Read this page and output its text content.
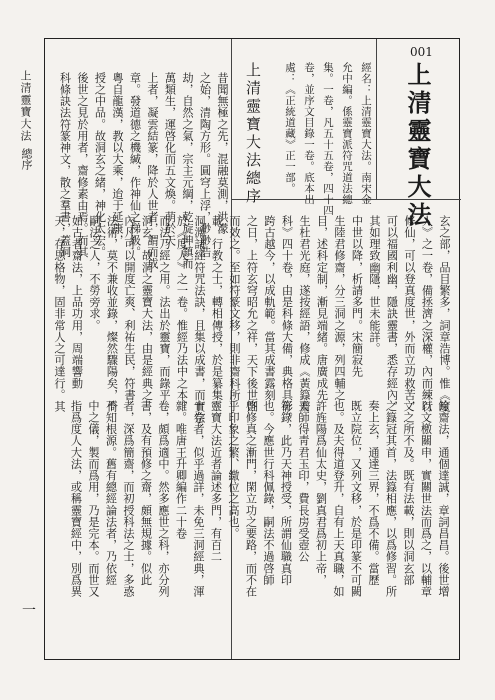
上清靈寶大法
總序
一
001
上清靈寶大法
經名：上清靈寶大法。南宋金
允中編。係靈寶派符咒道法總
集。一卷，凡五十五卷，四十四
卷，並序文目錄一卷。底本出
處：《正統道藏》正一部。
上清靈寶大法總序
昔聞無極之先，混融莫測，洪濛
之始，清陶方形。圓穹上浮，渺渺浩
劫，自然之氣，宗主元綱，乾旋坤鎮而
萬類生，運啓化而五文煥。萌於天
上者，凝雲結篆，降於人世者，謂而成
章。發道德之機緘，作神仙之梯級。
粵自龍漢，教以大乘，迨于延康，
授之中品。故洞玄之緒，神化太宏。
後世之見於用者，齋修素由焉。而其
科條訣法符篆神文，散之羣書，蓋洞
玄之部，品目繁多，詞章浩博。惟《度
人》之一卷，備拯濟之深權，內而練行
修仙，可以登真度世，外而立功救苦，
可以福國利幽，隱訣靈書，悉存經內，
其如理致幽隱，世未能詳。
中世以降，析請多門。宋簡寂先
生陸君修齋，分三洞之源，列四輔之
目，述科定制，漸見端緒。唐廣成先
生杜君光庭，遂按經語，修成《黃籙齋
科》四十卷，由是科條大備，典格具彰。
跨古越今，以成軌範。當其成書露刻
之日，上符玄穹昭允之祥，天下後世則
而效之。至如符篆文移，則非齋科所
載。行教之士，轉相傳授，於是纂集
洞淵諸經符咒法訣，且集以成書，而實宗
於《度人》之一卷。惟經乃法中之本，
而法乃經之用。法出於靈寶，而錄平
洞玄。故洞之靈寶大法，由是經典之
內凡可以開度亡爽、利祐生民，符書
法術，莫不兼收並錄，燦然驟陽矣，倚
嗣法之人，不勞旁求。
如古者齋法，上品功用，周端響動
天，存思格物，固非常人之可達行。其
餘齋法，通個達誠，章詞昌昌。後世增
以文檄關申，實關世法而爲之，以輔章
文之所不及。既有法載，則以洞玄部
之籙冠其首，法籙相應，以爲修習。所
奏上玄，通達三界，不爲不備。當歷
既立院位，又列文移，於是印篆不可闕
也。及夫得道登升，自有上天真職，如
許旌陽爲仙太史，劉真君爲初上帝，
天師得靑君玉印，費長房受壺公
符錄，此乃天神授受，所謂仙職真印
也。今應世行科佩錄，嗣法不過啓師
啓修真之漸門，閑立功之要路，而不在
乎印象之繁、繳位之高也。
靈寶大法近者論述多門，有百二
十卷者，似乎過詳，未免三洞經典，渾
雜。唯唐王升卿編作二十卷
卷，頗爲適中。然多應世之科，亦分列
書，及有預修之齋，頗無規據。似此
者，深爲簡齋，而初授科法之士，多惑
不知根源。舊有總經論法者，乃依經
中之儀，製而爲用，乃是完本。而世又
指爲度人大法，或稱靈寶經中，別爲異
